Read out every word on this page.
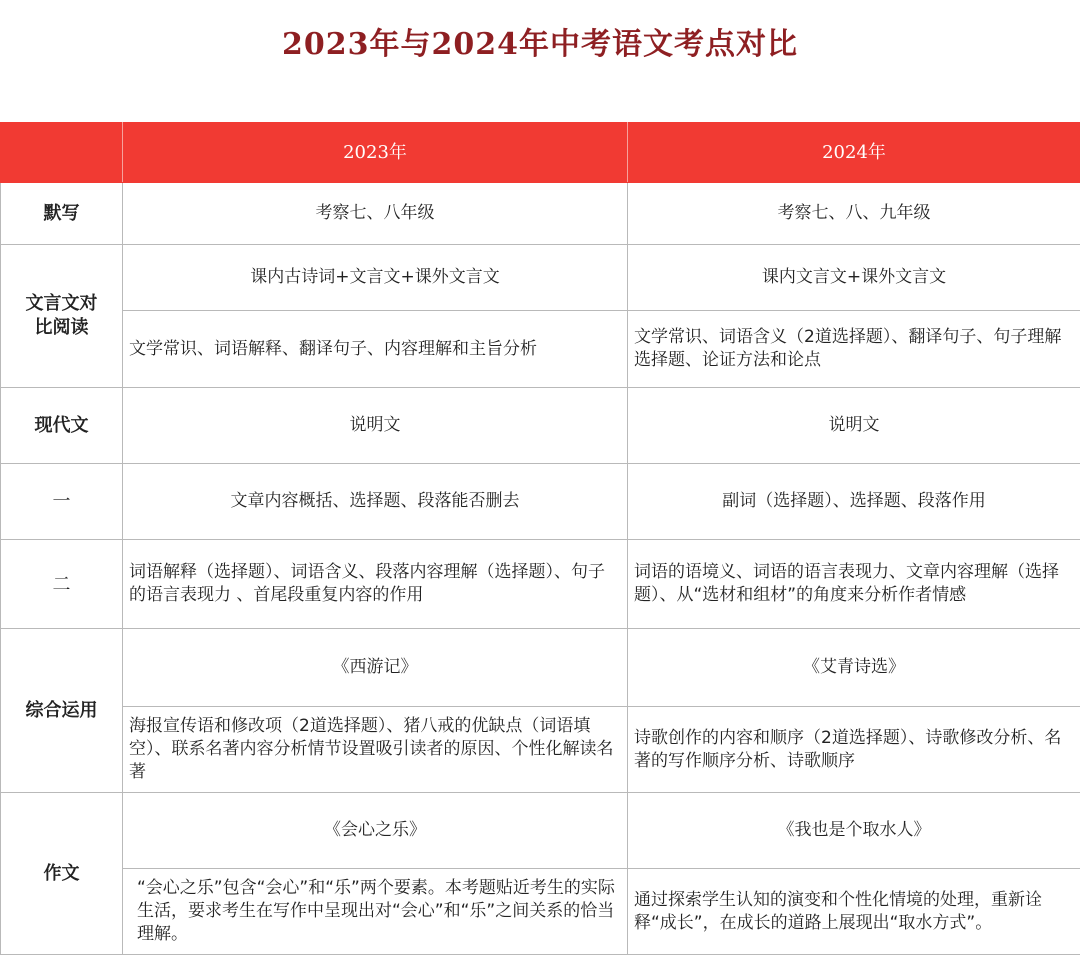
2023年与2024年中考语文考点对比
	2023年	2024年
默写	考察七、八年级	考察七、八、九年级

文言文对比阅读	课内古诗词+文言文+课外文言文	课内文言文+课外文言文
	文学常识、词语解释、翻译句子、内容理解和主旨分析	文学常识、词语含义（2道选择题）、翻译句子、句子理解选择题、论证方法和论点
现代文	说明文	说明文
一	文章内容概括、选择题、段落能否删去	副词（选择题）、选择题、段落作用
二	词语解释（选择题）、词语含义、段落内容理解（选择题）、句子的语言表现力 、首尾段重复内容的作用	词语的语境义、词语的语言表现力、文章内容理解（选择题）、从“选材和组材”的角度来分析作者情感
综合运用	《西游记》	《艾青诗选》
	海报宣传语和修改项（2道选择题）、猪八戒的优缺点（词语填空）、联系名著内容分析情节设置吸引读者的原因、个性化解读名著	诗歌创作的内容和顺序（2道选择题）、诗歌修改分析、名著的写作顺序分析、诗歌顺序
作文	《会心之乐》	《我也是个取水人》
	“会心之乐”包含“会心”和“乐”两个要素。本考题贴近考生的实际生活，要求考生在写作中呈现出对“会心”和“乐”之间关系的恰当理解。	通过探索学生认知的演变和个性化情境的处理，重新诠释“成长”，在成长的道路上展现出“取水方式”。
